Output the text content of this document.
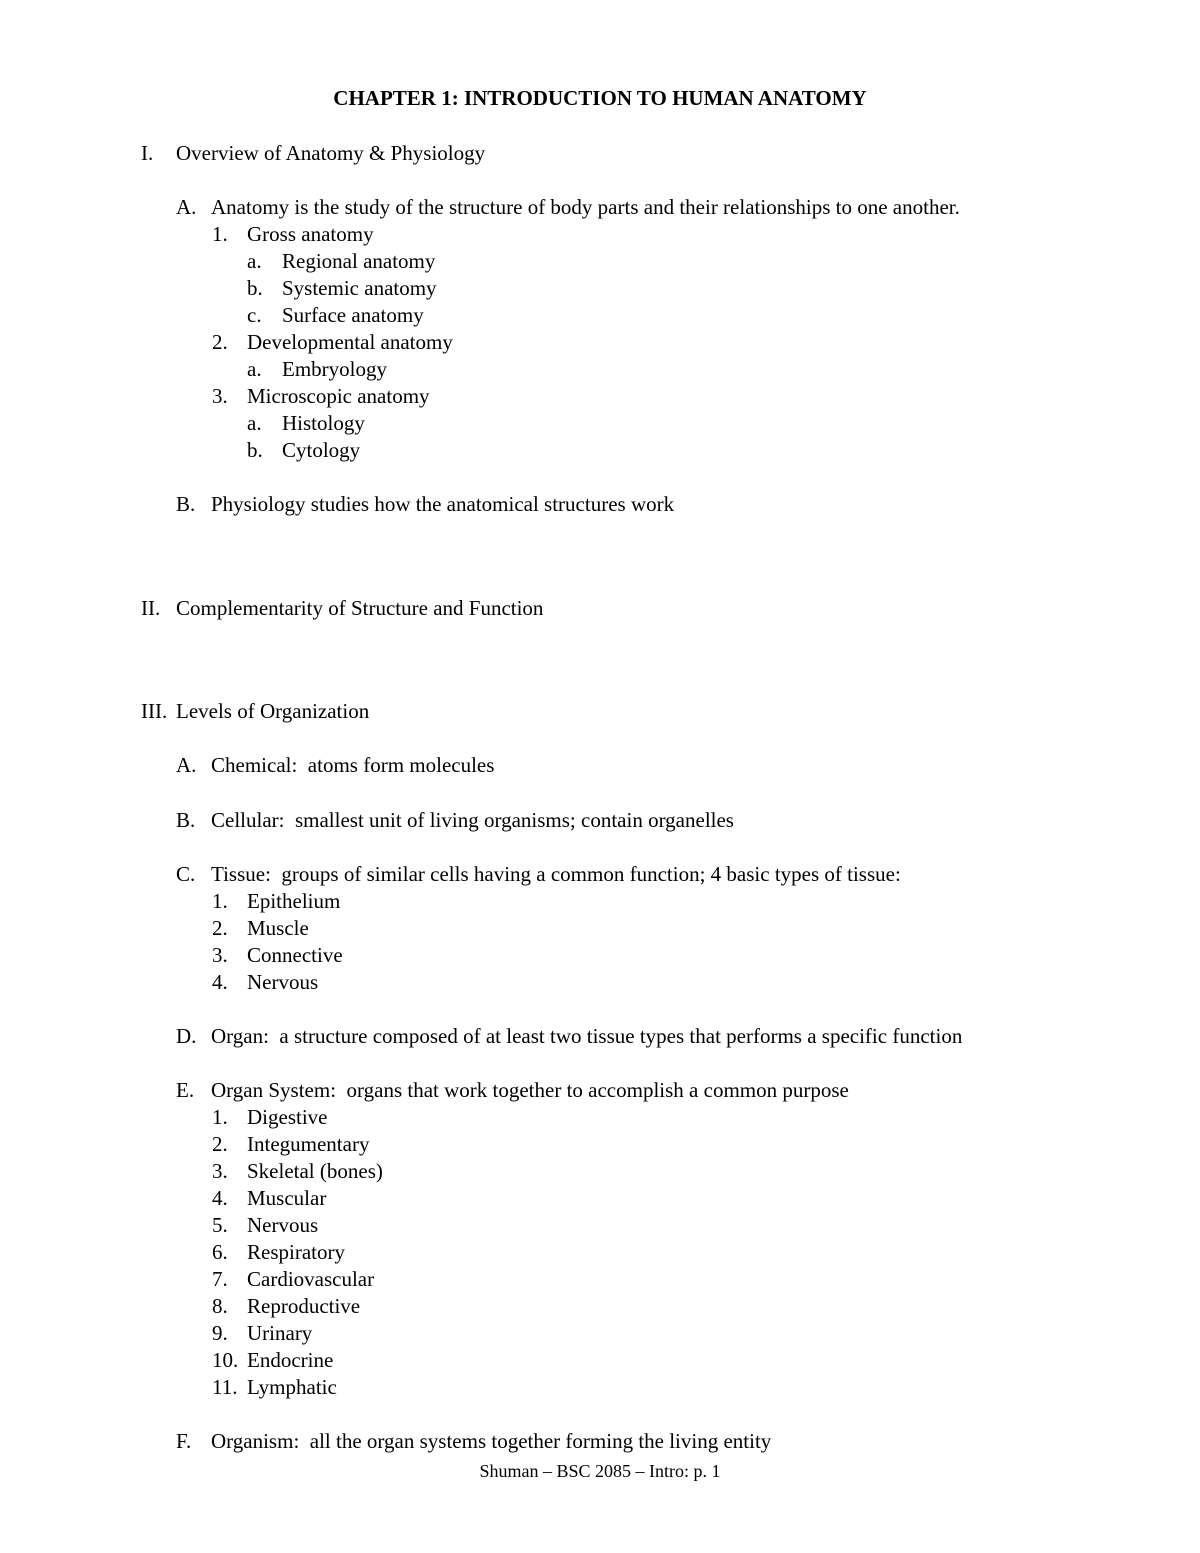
CHAPTER 1: INTRODUCTION TO HUMAN ANATOMY
I. Overview of Anatomy & Physiology
A. Anatomy is the study of the structure of body parts and their relationships to one another.
1. Gross anatomy
a. Regional anatomy
b. Systemic anatomy
c. Surface anatomy
2. Developmental anatomy
a. Embryology
3. Microscopic anatomy
a. Histology
b. Cytology
B. Physiology studies how the anatomical structures work
II. Complementarity of Structure and Function
III. Levels of Organization
A. Chemical:  atoms form molecules
B. Cellular:  smallest unit of living organisms; contain organelles
C. Tissue:  groups of similar cells having a common function; 4 basic types of tissue:
1. Epithelium
2. Muscle
3. Connective
4. Nervous
D. Organ:  a structure composed of at least two tissue types that performs a specific function
E. Organ System:  organs that work together to accomplish a common purpose
1. Digestive
2. Integumentary
3. Skeletal (bones)
4. Muscular
5. Nervous
6. Respiratory
7. Cardiovascular
8. Reproductive
9. Urinary
10. Endocrine
11. Lymphatic
F. Organism:  all the organ systems together forming the living entity
Shuman – BSC 2085 – Intro: p. 1
